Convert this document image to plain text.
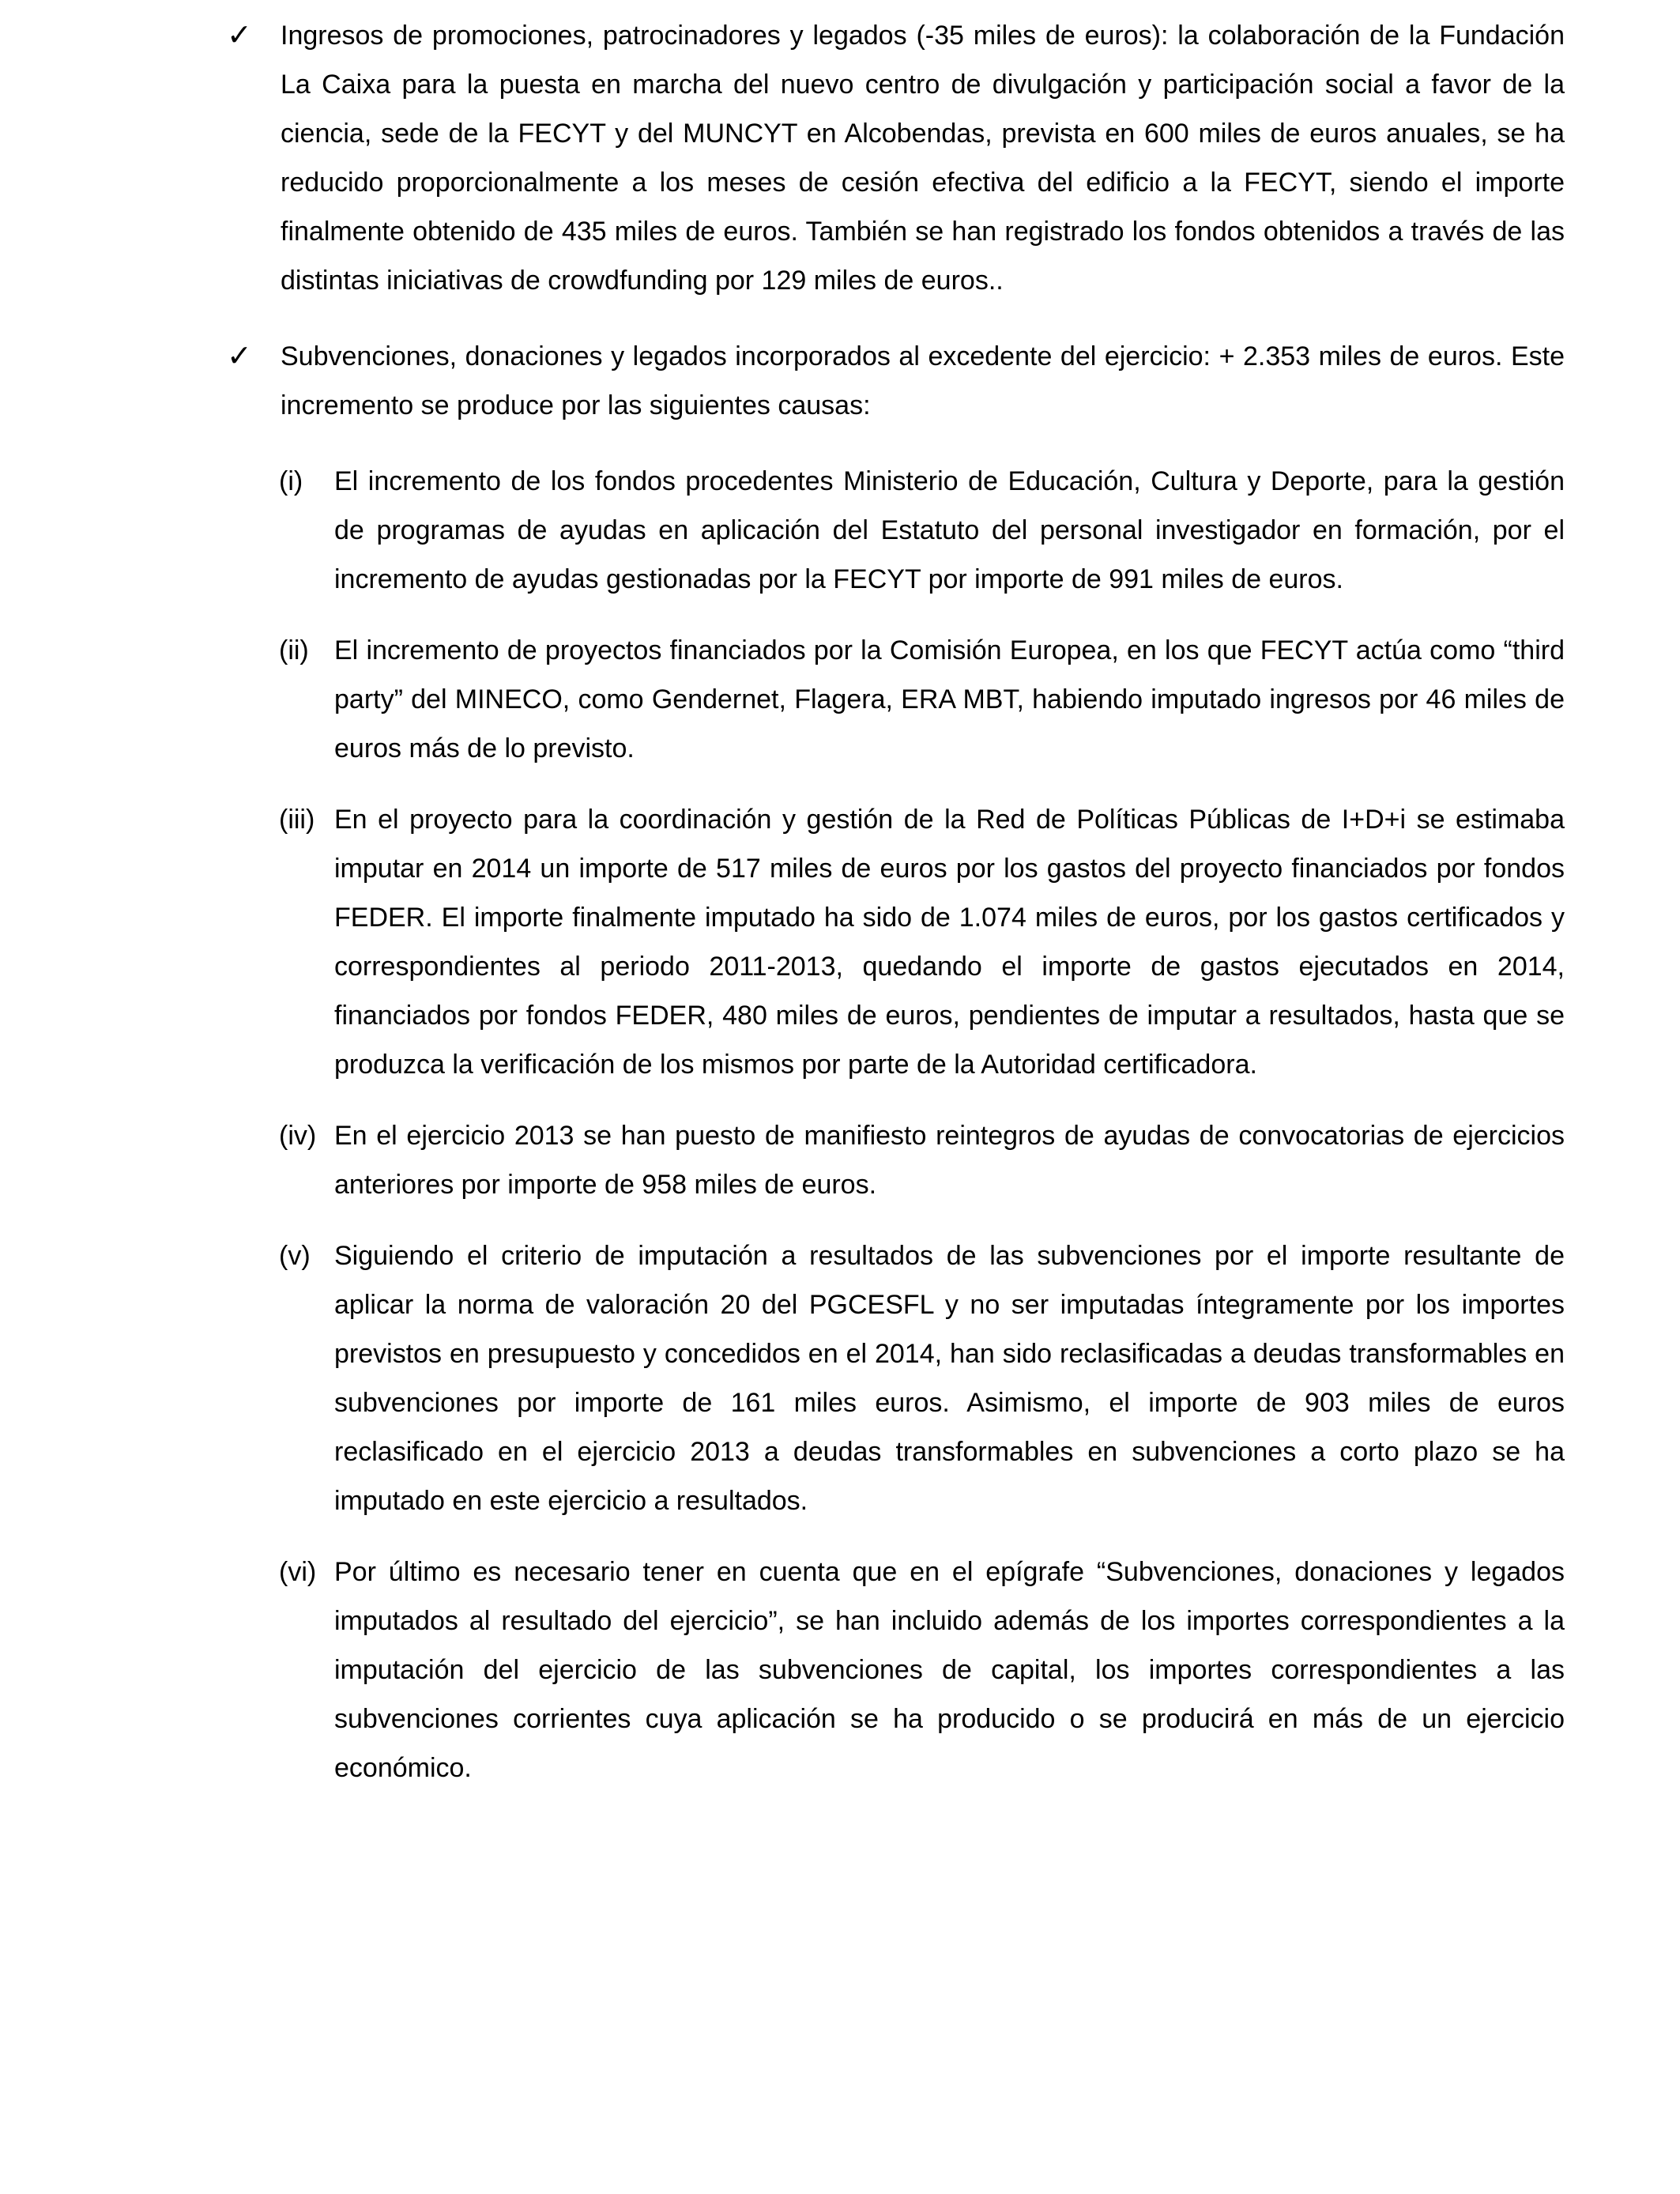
✓ Ingresos de promociones, patrocinadores y legados (-35 miles de euros): la colaboración de la Fundación La Caixa para la puesta en marcha del nuevo centro de divulgación y participación social a favor de la ciencia, sede de la FECYT y del MUNCYT en Alcobendas, prevista en 600 miles de euros anuales, se ha reducido proporcionalmente a los meses de cesión efectiva del edificio a la FECYT, siendo el importe finalmente obtenido de 435 miles de euros. También se han registrado los fondos obtenidos a través de las distintas iniciativas de crowdfunding por 129 miles de euros..

✓ Subvenciones, donaciones y legados incorporados al excedente del ejercicio: + 2.353 miles de euros. Este incremento se produce por las siguientes causas:

(i) El incremento de los fondos procedentes Ministerio de Educación, Cultura y Deporte, para la gestión de programas de ayudas en aplicación del Estatuto del personal investigador en formación, por el incremento de ayudas gestionadas por la FECYT por importe de 991 miles de euros.

(ii) El incremento de proyectos financiados por la Comisión Europea, en los que FECYT actúa como “third party” del MINECO, como Gendernet, Flagera, ERA MBT, habiendo imputado ingresos por 46 miles de euros más de lo previsto.

(iii) En el proyecto para la coordinación y gestión de la Red de Políticas Públicas de I+D+i se estimaba imputar en 2014 un importe de 517 miles de euros por los gastos del proyecto financiados por fondos FEDER. El importe finalmente imputado ha sido de 1.074 miles de euros, por los gastos certificados y correspondientes al periodo 2011-2013, quedando el importe de gastos ejecutados en 2014, financiados por fondos FEDER, 480 miles de euros, pendientes de imputar a resultados, hasta que se produzca la verificación de los mismos por parte de la Autoridad certificadora.

(iv) En el ejercicio 2013 se han puesto de manifiesto reintegros de ayudas de convocatorias de ejercicios anteriores por importe de 958 miles de euros.

(v) Siguiendo el criterio de imputación a resultados de las subvenciones por el importe resultante de aplicar la norma de valoración 20 del PGCESFL y no ser imputadas íntegramente por los importes previstos en presupuesto y concedidos en el 2014, han sido reclasificadas a deudas transformables en subvenciones por importe de 161 miles euros. Asimismo, el importe de 903 miles de euros reclasificado en el ejercicio 2013 a deudas transformables en subvenciones a corto plazo se ha imputado en este ejercicio a resultados.

(vi) Por último es necesario tener en cuenta que en el epígrafe “Subvenciones, donaciones y legados imputados al resultado del ejercicio”, se han incluido además de los importes correspondientes a la imputación del ejercicio de las subvenciones de capital, los importes correspondientes a las subvenciones corrientes cuya aplicación se ha producido o se producirá en más de un ejercicio económico.
